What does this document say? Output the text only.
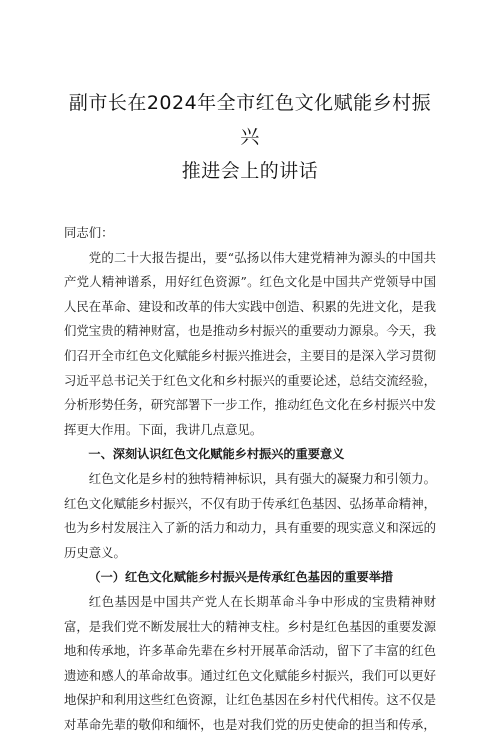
副市长在2024年全市红色文化赋能乡村振兴
推进会上的讲话

同志们：

党的二十大报告提出，要“弘扬以伟大建党精神为源头的中国共产党人精神谱系，用好红色资源”。红色文化是中国共产党领导中国人民在革命、建设和改革的伟大实践中创造、积累的先进文化，是我们党宝贵的精神财富，也是推动乡村振兴的重要动力源泉。今天，我们召开全市红色文化赋能乡村振兴推进会，主要目的是深入学习贯彻习近平总书记关于红色文化和乡村振兴的重要论述，总结交流经验，分析形势任务，研究部署下一步工作，推动红色文化在乡村振兴中发挥更大作用。下面，我讲几点意见。

一、深刻认识红色文化赋能乡村振兴的重要意义

红色文化是乡村的独特精神标识，具有强大的凝聚力和引领力。红色文化赋能乡村振兴，不仅有助于传承红色基因、弘扬革命精神，也为乡村发展注入了新的活力和动力，具有重要的现实意义和深远的历史意义。

（一）红色文化赋能乡村振兴是传承红色基因的重要举措

红色基因是中国共产党人在长期革命斗争中形成的宝贵精神财富，是我们党不断发展壮大的精神支柱。乡村是红色基因的重要发源地和传承地，许多革命先辈在乡村开展革命活动，留下了丰富的红色遗迹和感人的革命故事。通过红色文化赋能乡村振兴，我们可以更好地保护和利用这些红色资源，让红色基因在乡村代代相传。这不仅是对革命先辈的敬仰和缅怀，也是对我们党的历史使命的担当和传承，
